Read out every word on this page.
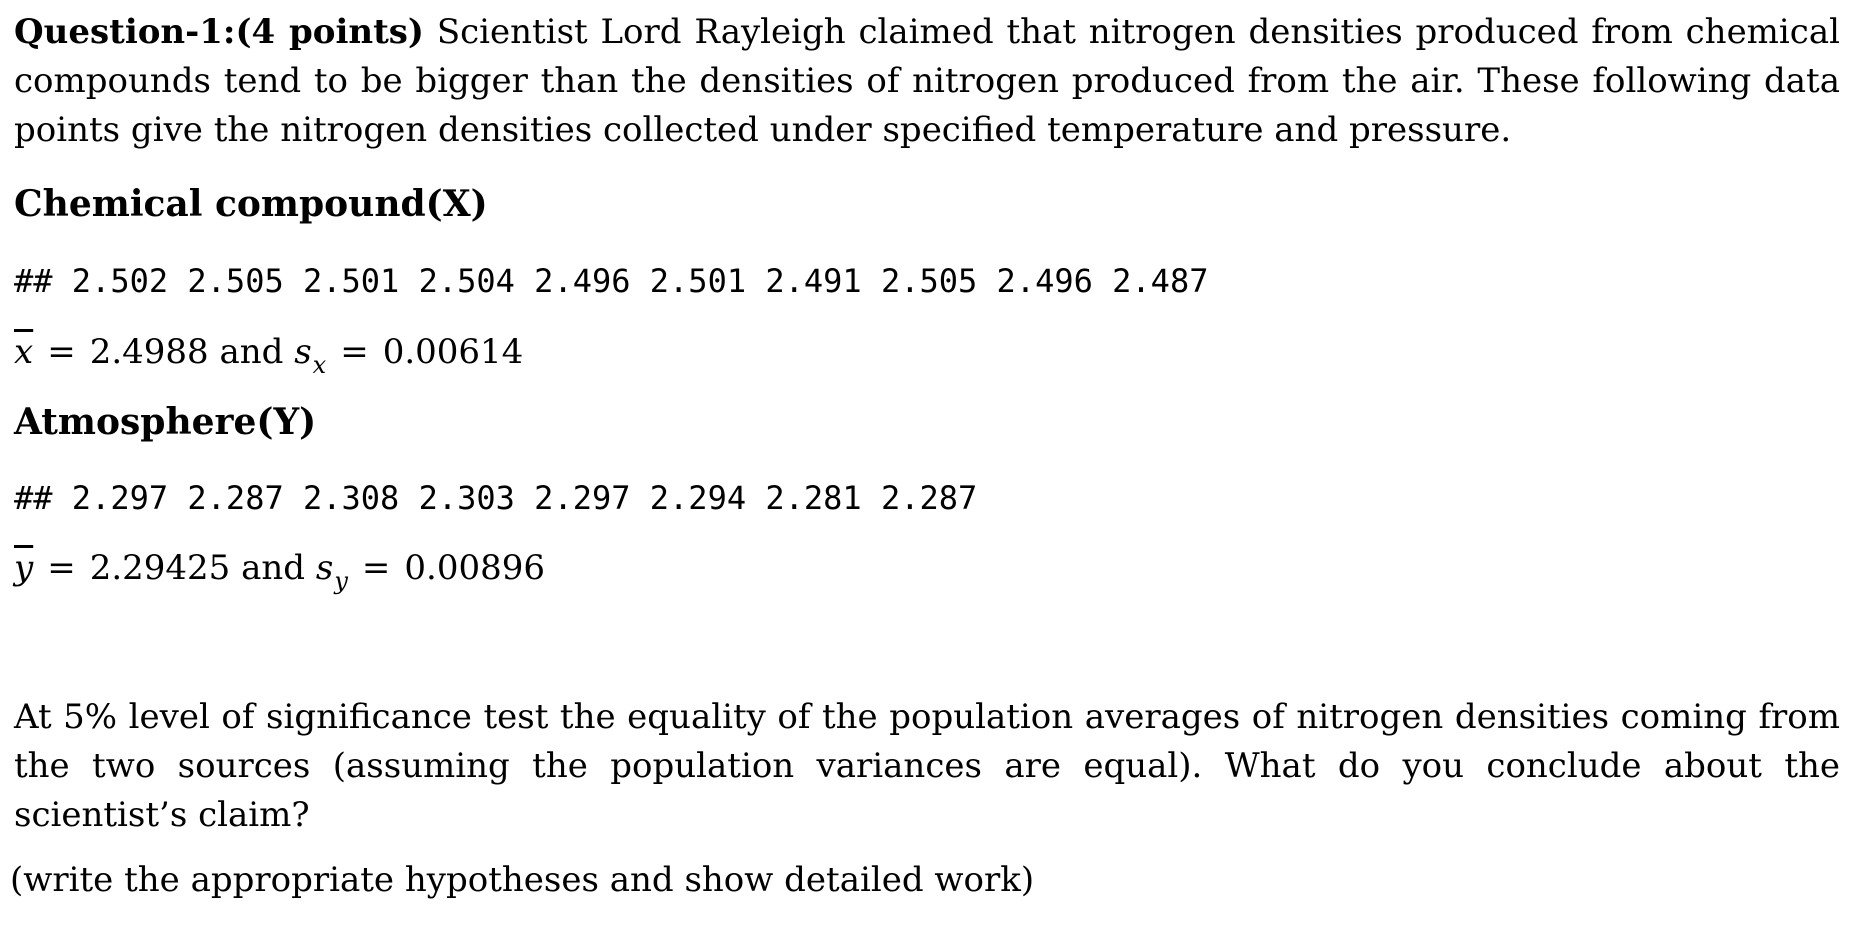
Question-1:(4 points) Scientist Lord Rayleigh claimed that nitrogen densities produced from chemical compounds tend to be bigger than the densities of nitrogen produced from the air. These following data points give the nitrogen densities collected under specified temperature and pressure.

Chemical compound(X)

## 2.502 2.505 2.501 2.504 2.496 2.501 2.491 2.505 2.496 2.487

$\overline{x} = 2.4988$ and $s_x = 0.00614$

Atmosphere(Y)

## 2.297 2.287 2.308 2.303 2.297 2.294 2.281 2.287

$\overline{y} = 2.29425$ and $s_y = 0.00896$

At 5% level of significance test the equality of the population averages of nitrogen densities coming from the two sources (assuming the population variances are equal). What do you conclude about the scientist’s claim?

(write the appropriate hypotheses and show detailed work)
